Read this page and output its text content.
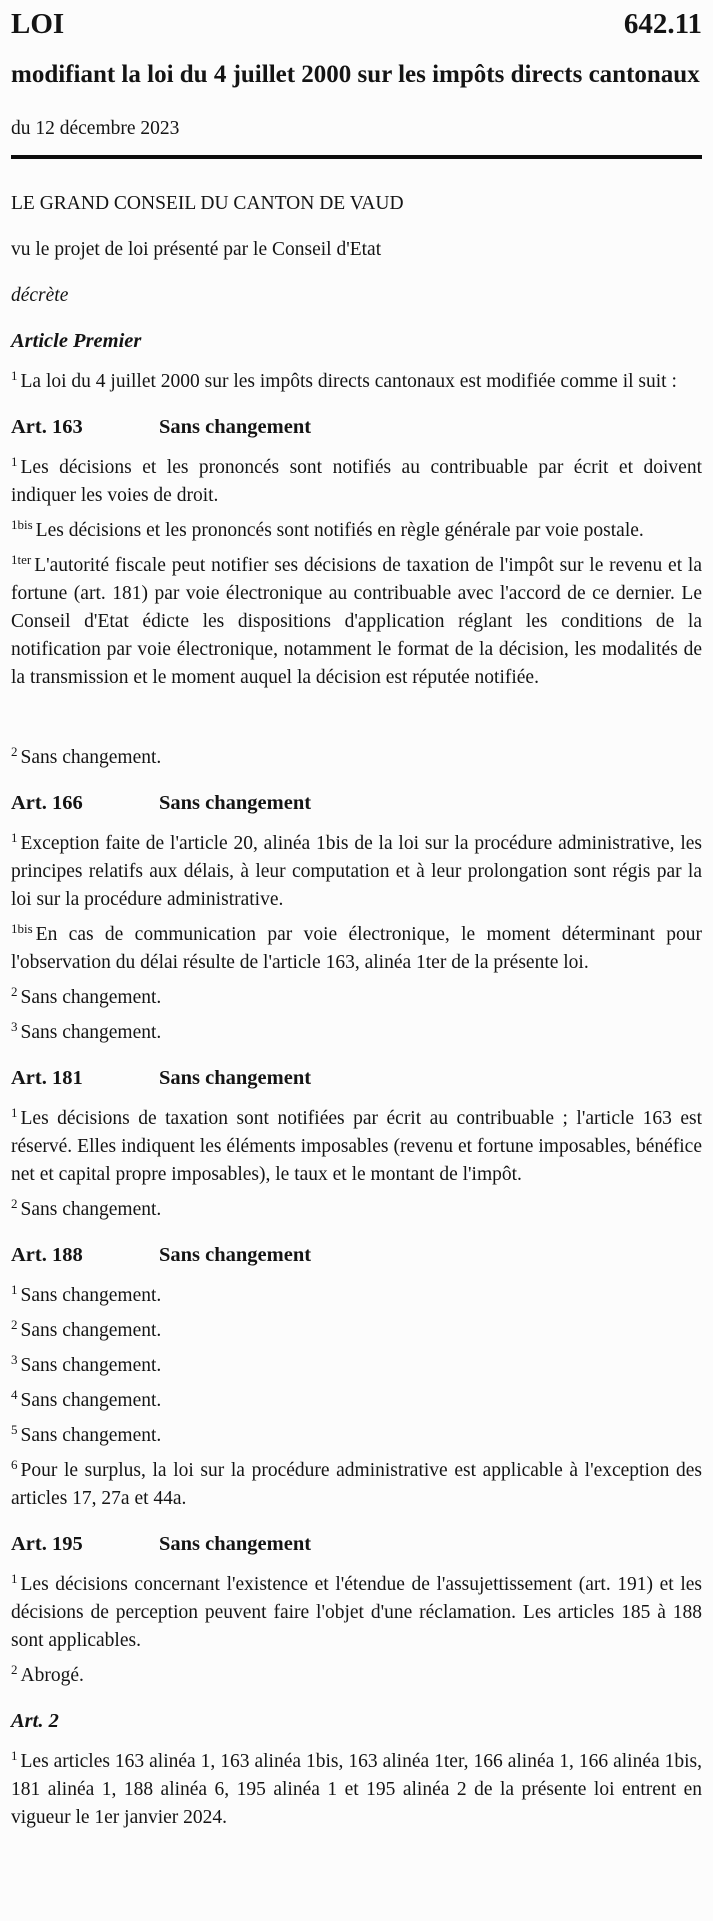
LOI	642.11
modifiant la loi du 4 juillet 2000 sur les impôts directs cantonaux
du 12 décembre 2023

LE GRAND CONSEIL DU CANTON DE VAUD

vu le projet de loi présenté par le Conseil d'Etat

décrète

Article Premier

$^1$ La loi du 4 juillet 2000 sur les impôts directs cantonaux est modifiée comme il suit :

Art. 163	Sans changement

$^1$ Les décisions et les prononcés sont notifiés au contribuable par écrit et doivent indiquer les voies de droit.

$^{1bis}$ Les décisions et les prononcés sont notifiés en règle générale par voie postale.

$^{1ter}$ L'autorité fiscale peut notifier ses décisions de taxation de l'impôt sur le revenu et la fortune (art. 181) par voie électronique au contribuable avec l'accord de ce dernier. Le Conseil d'Etat édicte les dispositions d'application réglant les conditions de la notification par voie électronique, notamment le format de la décision, les modalités de la transmission et le moment auquel la décision est réputée notifiée.

$^2$ Sans changement.

Art. 166	Sans changement

$^1$ Exception faite de l'article 20, alinéa 1bis de la loi sur la procédure administrative, les principes relatifs aux délais, à leur computation et à leur prolongation sont régis par la loi sur la procédure administrative.

$^{1bis}$ En cas de communication par voie électronique, le moment déterminant pour l'observation du délai résulte de l'article 163, alinéa 1ter de la présente loi.

$^2$ Sans changement.

$^3$ Sans changement.

Art. 181	Sans changement

$^1$ Les décisions de taxation sont notifiées par écrit au contribuable ; l'article 163 est réservé. Elles indiquent les éléments imposables (revenu et fortune imposables, bénéfice net et capital propre imposables), le taux et le montant de l'impôt.

$^2$ Sans changement.

Art. 188	Sans changement

$^1$ Sans changement.

$^2$ Sans changement.

$^3$ Sans changement.

$^4$ Sans changement.

$^5$ Sans changement.

$^6$ Pour le surplus, la loi sur la procédure administrative est applicable à l'exception des articles 17, 27a et 44a.

Art. 195	Sans changement

$^1$ Les décisions concernant l'existence et l'étendue de l'assujettissement (art. 191) et les décisions de perception peuvent faire l'objet d'une réclamation. Les articles 185 à 188 sont applicables.

$^2$ Abrogé.

Art. 2

$^1$ Les articles 163 alinéa 1, 163 alinéa 1bis, 163 alinéa 1ter, 166 alinéa 1, 166 alinéa 1bis, 181 alinéa 1, 188 alinéa 6, 195 alinéa 1 et 195 alinéa 2 de la présente loi entrent en vigueur le 1er janvier 2024.
